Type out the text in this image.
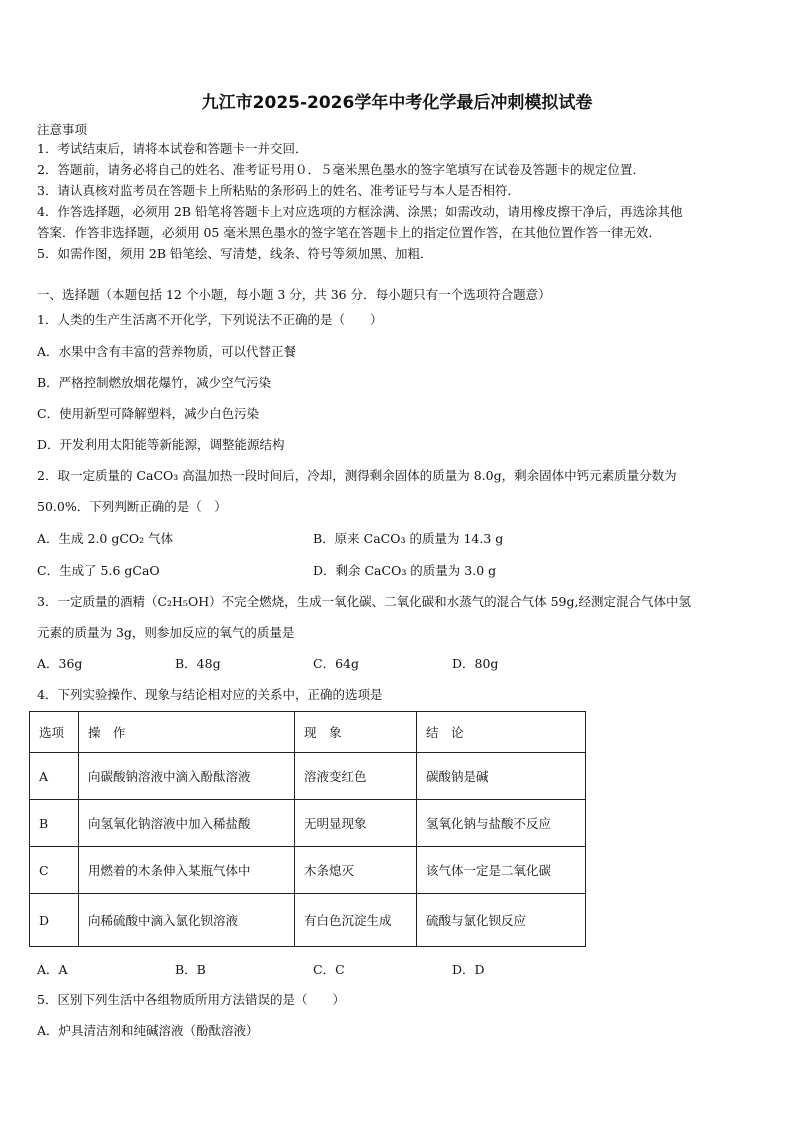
九江市2025-2026学年中考化学最后冲刺模拟试卷
注意事项
1．考试结束后，请将本试卷和答题卡一并交回．
2．答题前，请务必将自己的姓名、准考证号用０．５毫米黑色墨水的签字笔填写在试卷及答题卡的规定位置．
3．请认真核对监考员在答题卡上所粘贴的条形码上的姓名、准考证号与本人是否相符．
4．作答选择题，必须用 2B 铅笔将答题卡上对应选项的方框涂满、涂黑；如需改动，请用橡皮擦干净后，再选涂其他
答案．作答非选择题，必须用 05 毫米黑色墨水的签字笔在答题卡上的指定位置作答，在其他位置作答一律无效．
5．如需作图，须用 2B 铅笔绘、写清楚，线条、符号等须加黑、加粗．
一、选择题（本题包括 12 个小题，每小题 3 分，共 36 分．每小题只有一个选项符合题意）
1．人类的生产生活离不开化学，下列说法不正确的是（　　）
A．水果中含有丰富的营养物质，可以代替正餐
B．严格控制燃放烟花爆竹，减少空气污染
C．使用新型可降解塑料，减少白色污染
D．开发利用太阳能等新能源，调整能源结构
2．取一定质量的 CaCO₃ 高温加热一段时间后，冷却，测得剩余固体的质量为 8.0g，剩余固体中钙元素质量分数为
50.0%．下列判断正确的是（　）
A．生成 2.0 gCO₂ 气体	B．原来 CaCO₃ 的质量为 14.3 g
C．生成了 5.6 gCaO	D．剩余 CaCO₃ 的质量为 3.0 g
3．一定质量的酒精（C₂H₅OH）不完全燃烧，生成一氧化碳、二氧化碳和水蒸气的混合气体 59g,经测定混合气体中氢
元素的质量为 3g，则参加反应的氧气的质量是
A．36g	B．48g	C．64g	D．80g
4．下列实验操作、现象与结论相对应的关系中，正确的选项是
选项	操　作	现　象	结　论
A	向碳酸钠溶液中滴入酚酞溶液	溶液变红色	碳酸钠是碱
B	向氢氧化钠溶液中加入稀盐酸	无明显现象	氢氧化钠与盐酸不反应
C	用燃着的木条伸入某瓶气体中	木条熄灭	该气体一定是二氧化碳
D	向稀硫酸中滴入氯化钡溶液	有白色沉淀生成	硫酸与氯化钡反应
A．A	B．B	C．C	D．D
5．区别下列生活中各组物质所用方法错误的是（　　）
A．炉具清洁剂和纯碱溶液（酚酞溶液）
